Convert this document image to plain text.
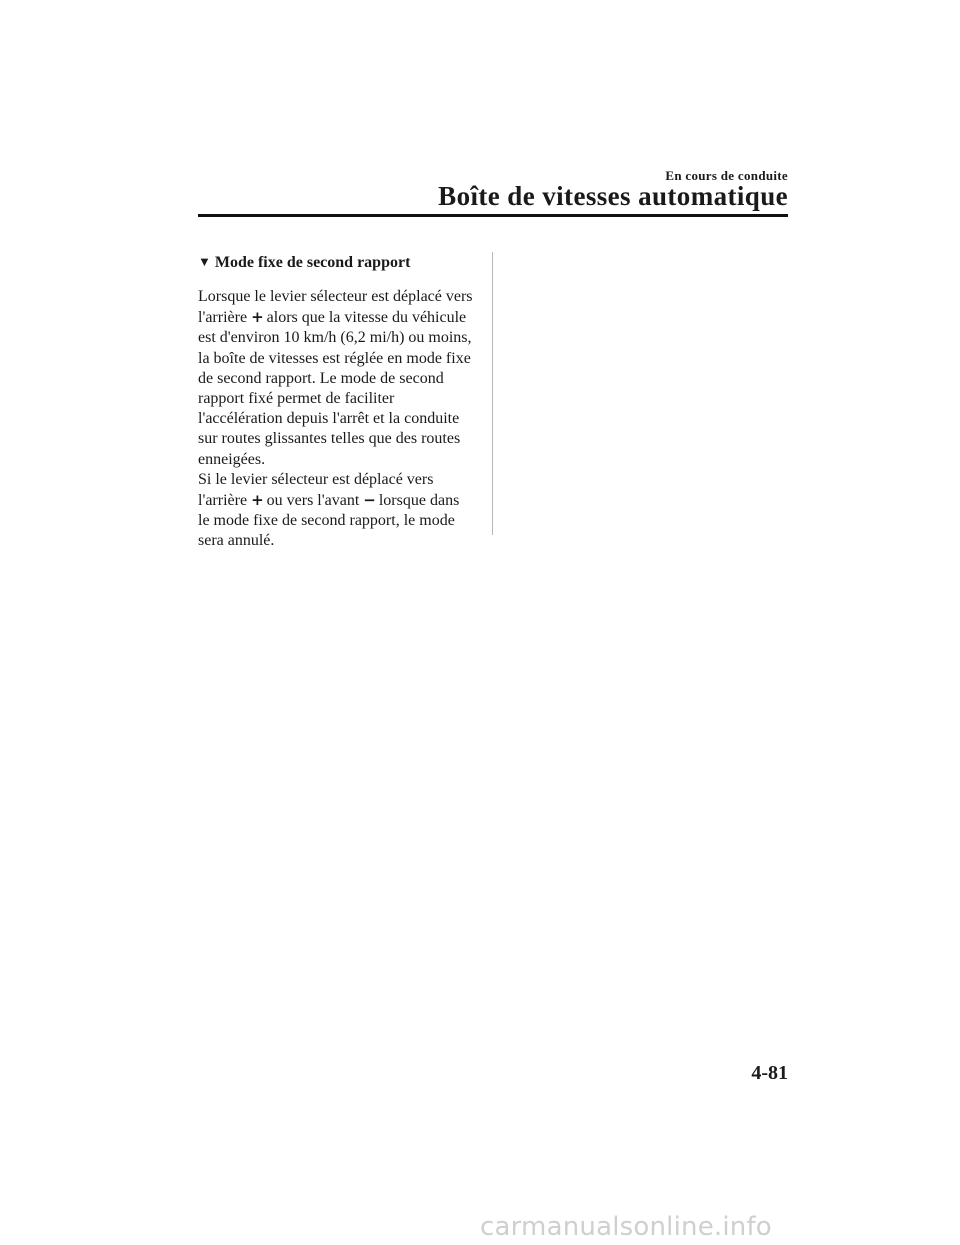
En cours de conduite
Boîte de vitesses automatique
▼ Mode fixe de second rapport

Lorsque le levier sélecteur est déplacé vers
l'arrière + alors que la vitesse du véhicule
est d'environ 10 km/h (6,2 mi/h) ou moins,
la boîte de vitesses est réglée en mode fixe
de second rapport. Le mode de second
rapport fixé permet de faciliter
l'accélération depuis l'arrêt et la conduite
sur routes glissantes telles que des routes
enneigées.

Si le levier sélecteur est déplacé vers
l'arrière + ou vers l'avant − lorsque dans
le mode fixe de second rapport, le mode
sera annulé.

4-81
carmanualsonline.info
